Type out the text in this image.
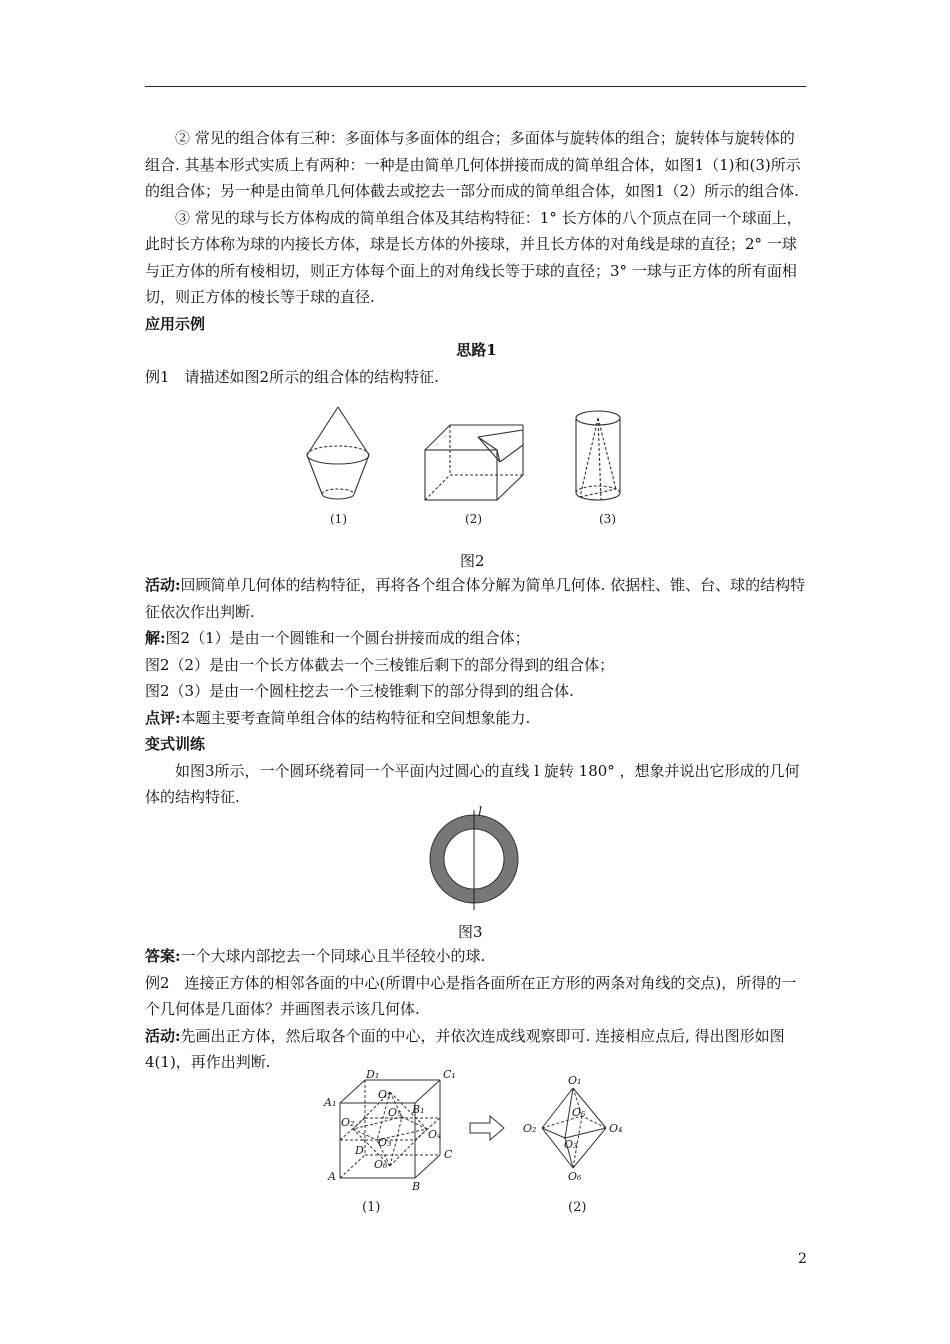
② 常见的组合体有三种：多面体与多面体的组合；多面体与旋转体的组合；旋转体与旋转体的组合. 其基本形式实质上有两种：一种是由简单几何体拼接而成的简单组合体，如图1（1)和(3)所示的组合体；另一种是由简单几何体截去或挖去一部分而成的简单组合体，如图1（2）所示的组合体.

③ 常见的球与长方体构成的简单组合体及其结构特征：1° 长方体的八个顶点在同一个球面上，此时长方体称为球的内接长方体，球是长方体的外接球，并且长方体的对角线是球的直径；2° 一球与正方体的所有棱相切，则正方体每个面上的对角线长等于球的直径；3° 一球与正方体的所有面相切，则正方体的棱长等于球的直径.

应用示例

思路1

例1　请描述如图2所示的组合体的结构特征.

(1)	(2)	(3)
图2

活动:回顾简单几何体的结构特征，再将各个组合体分解为简单几何体. 依据柱、锥、台、球的结构特征依次作出判断.

解:图2（1）是由一个圆锥和一个圆台拼接而成的组合体；

图2（2）是由一个长方体截去一个三棱锥后剩下的部分得到的组合体；

图2（3）是由一个圆柱挖去一个三棱锥剩下的部分得到的组合体.

点评:本题主要考查简单组合体的结构特征和空间想象能力.

变式训练

如图3所示，一个圆环绕着同一个平面内过圆心的直线 l 旋转 180° ，想象并说出它形成的几何体的结构特征.

l
图3

答案:一个大球内部挖去一个同球心且半径较小的球.

例2　连接正方体的相邻各面的中心(所谓中心是指各面所在正方形的两条对角线的交点)，所得的一个几何体是几面体？并画图表示该几何体.

活动:先画出正方体，然后取各个面的中心，并依次连成线观察即可. 连接相应点后, 得出图形如图4(1)，再作出判断.

D₁	C₁
A₁
B₁
O₁
O₅
O₂
O₄
O₃
D	C
A
B
O₆
O₁
O₅
O₂
O₃
O₄
O₆
(1)	(2)
2
